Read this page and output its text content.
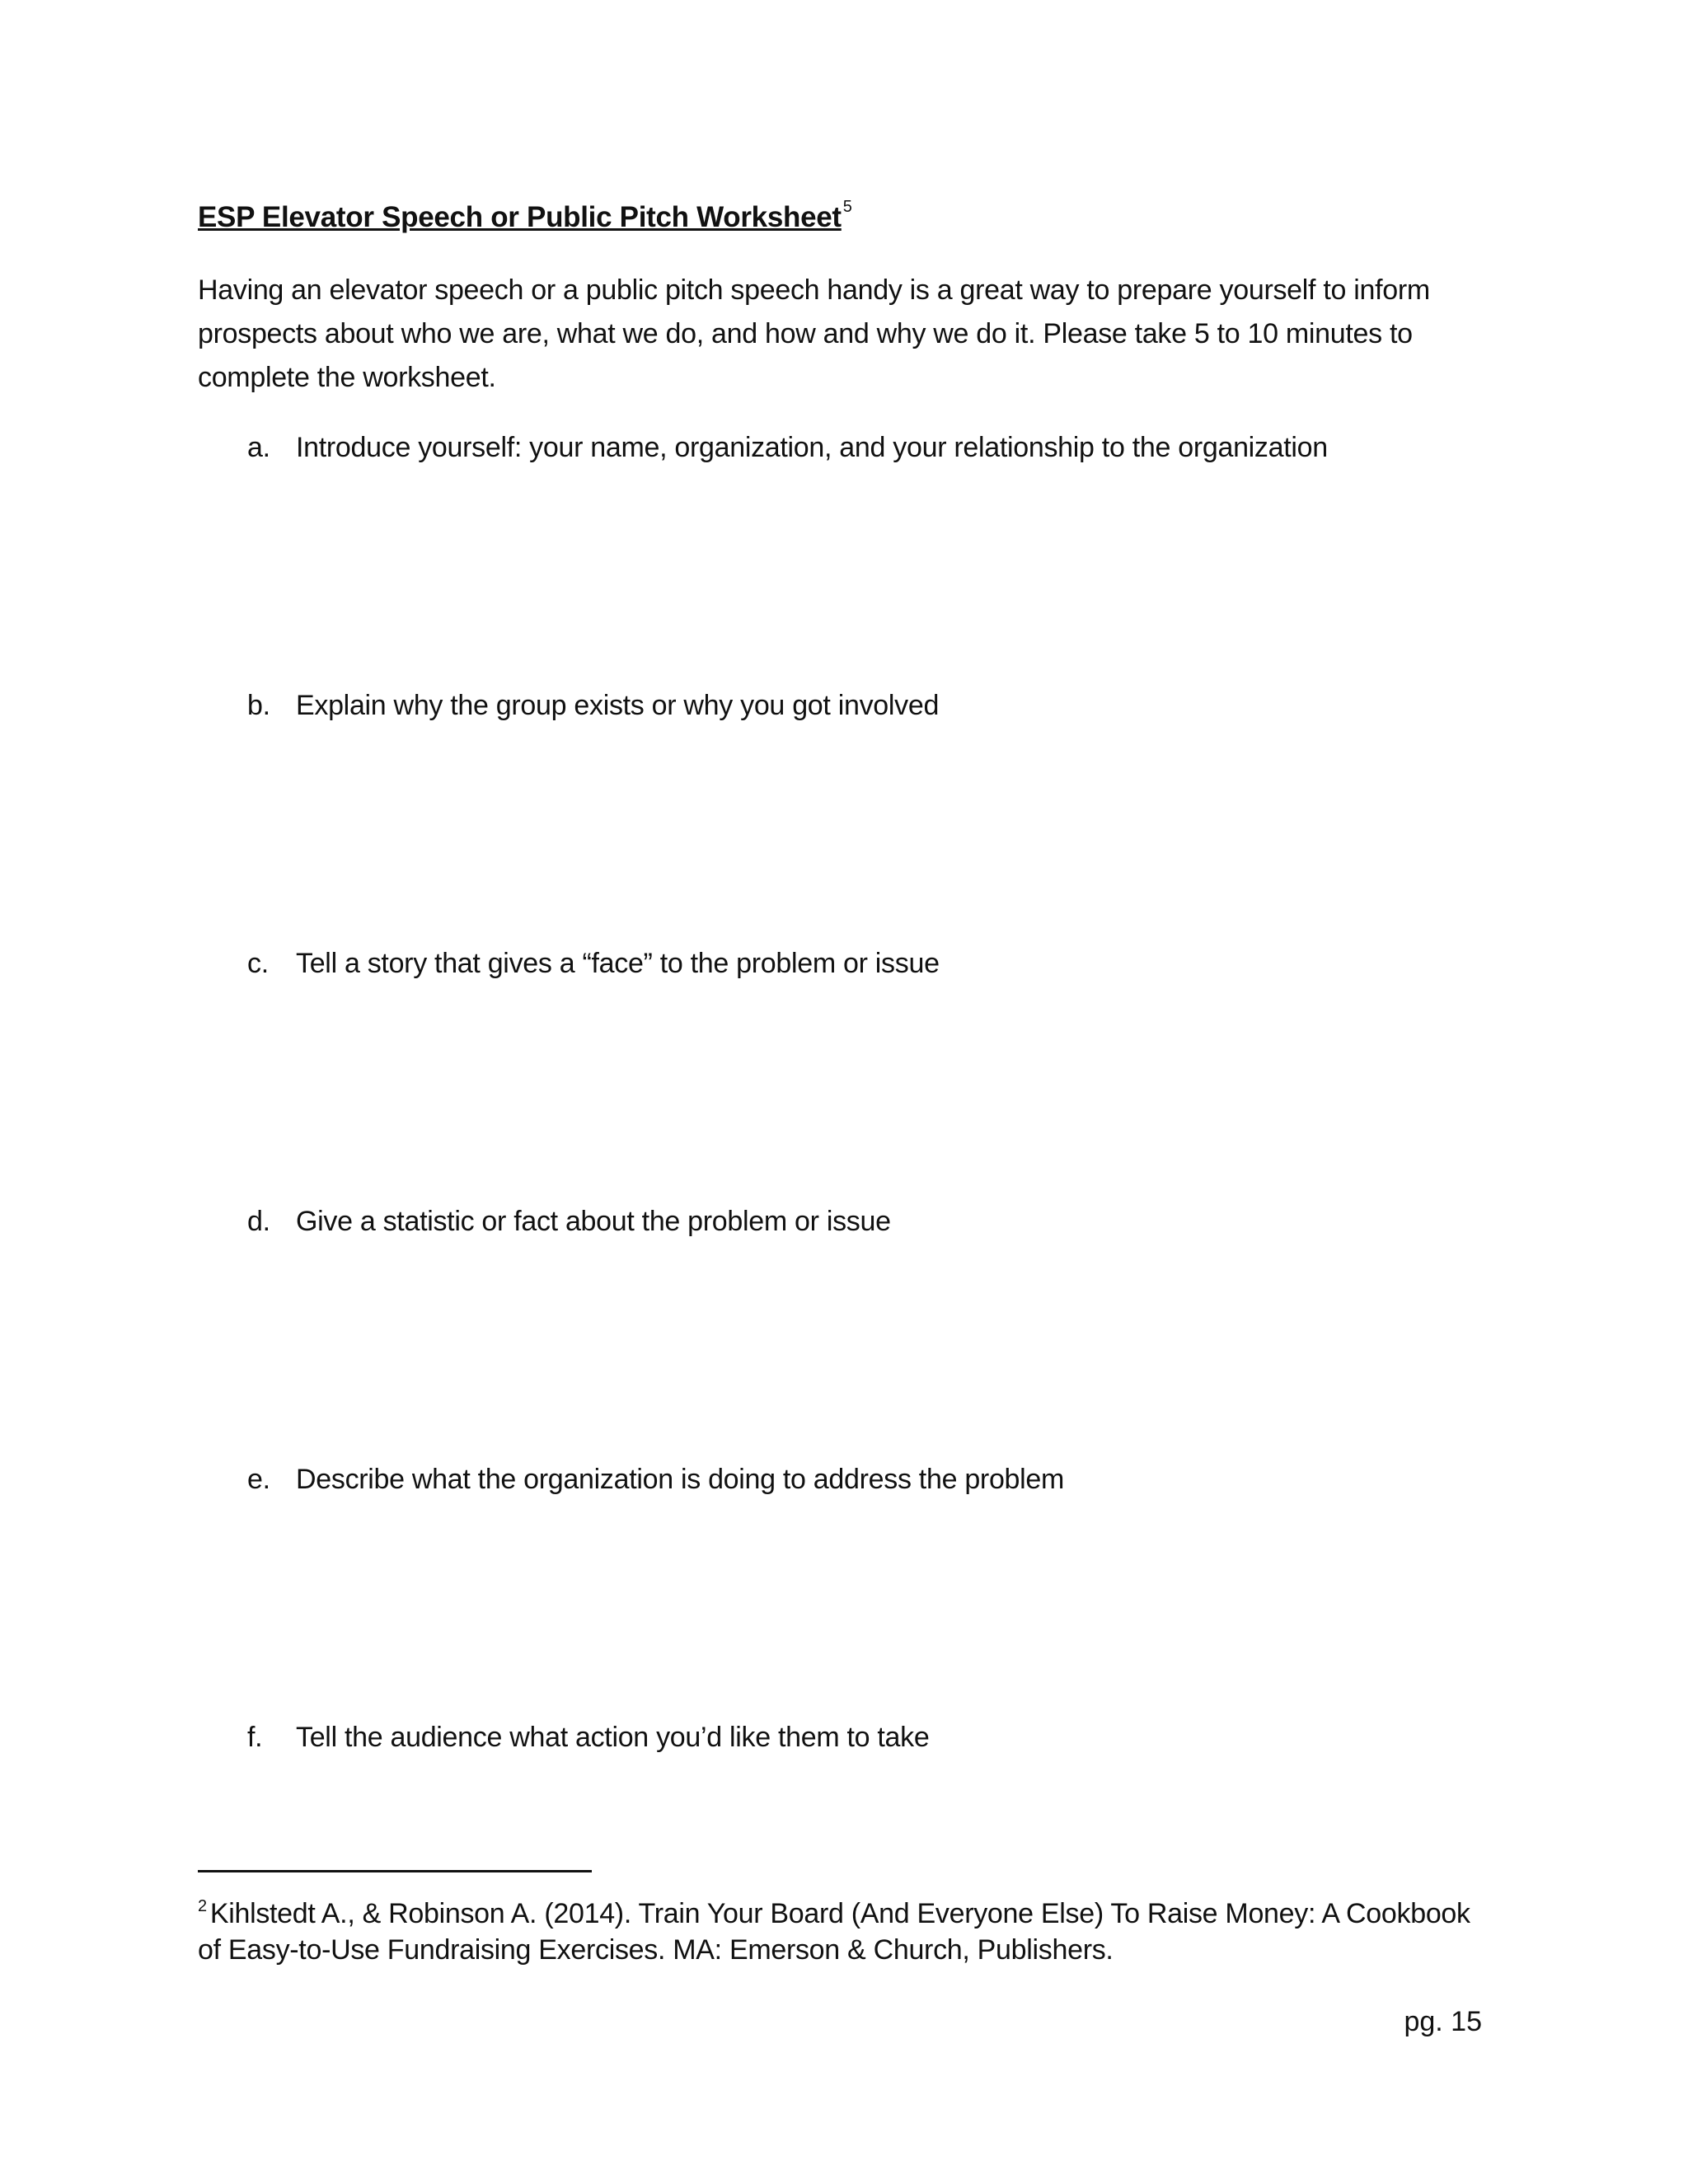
ESP Elevator Speech or Public Pitch Worksheet $^5$
Having an elevator speech or a public pitch speech handy is a great way to prepare yourself to inform prospects about who we are, what we do, and how and why we do it. Please take 5 to 10 minutes to complete the worksheet.
a. Introduce yourself: your name, organization, and your relationship to the organization
b. Explain why the group exists or why you got involved
c. Tell a story that gives a “face” to the problem or issue
d. Give a statistic or fact about the problem or issue
e. Describe what the organization is doing to address the problem
f. Tell the audience what action you’d like them to take
$^2$ Kihlstedt A., & Robinson A. (2014). Train Your Board (And Everyone Else) To Raise Money: A Cookbook of Easy-to-Use Fundraising Exercises. MA: Emerson & Church, Publishers.
pg. 15
